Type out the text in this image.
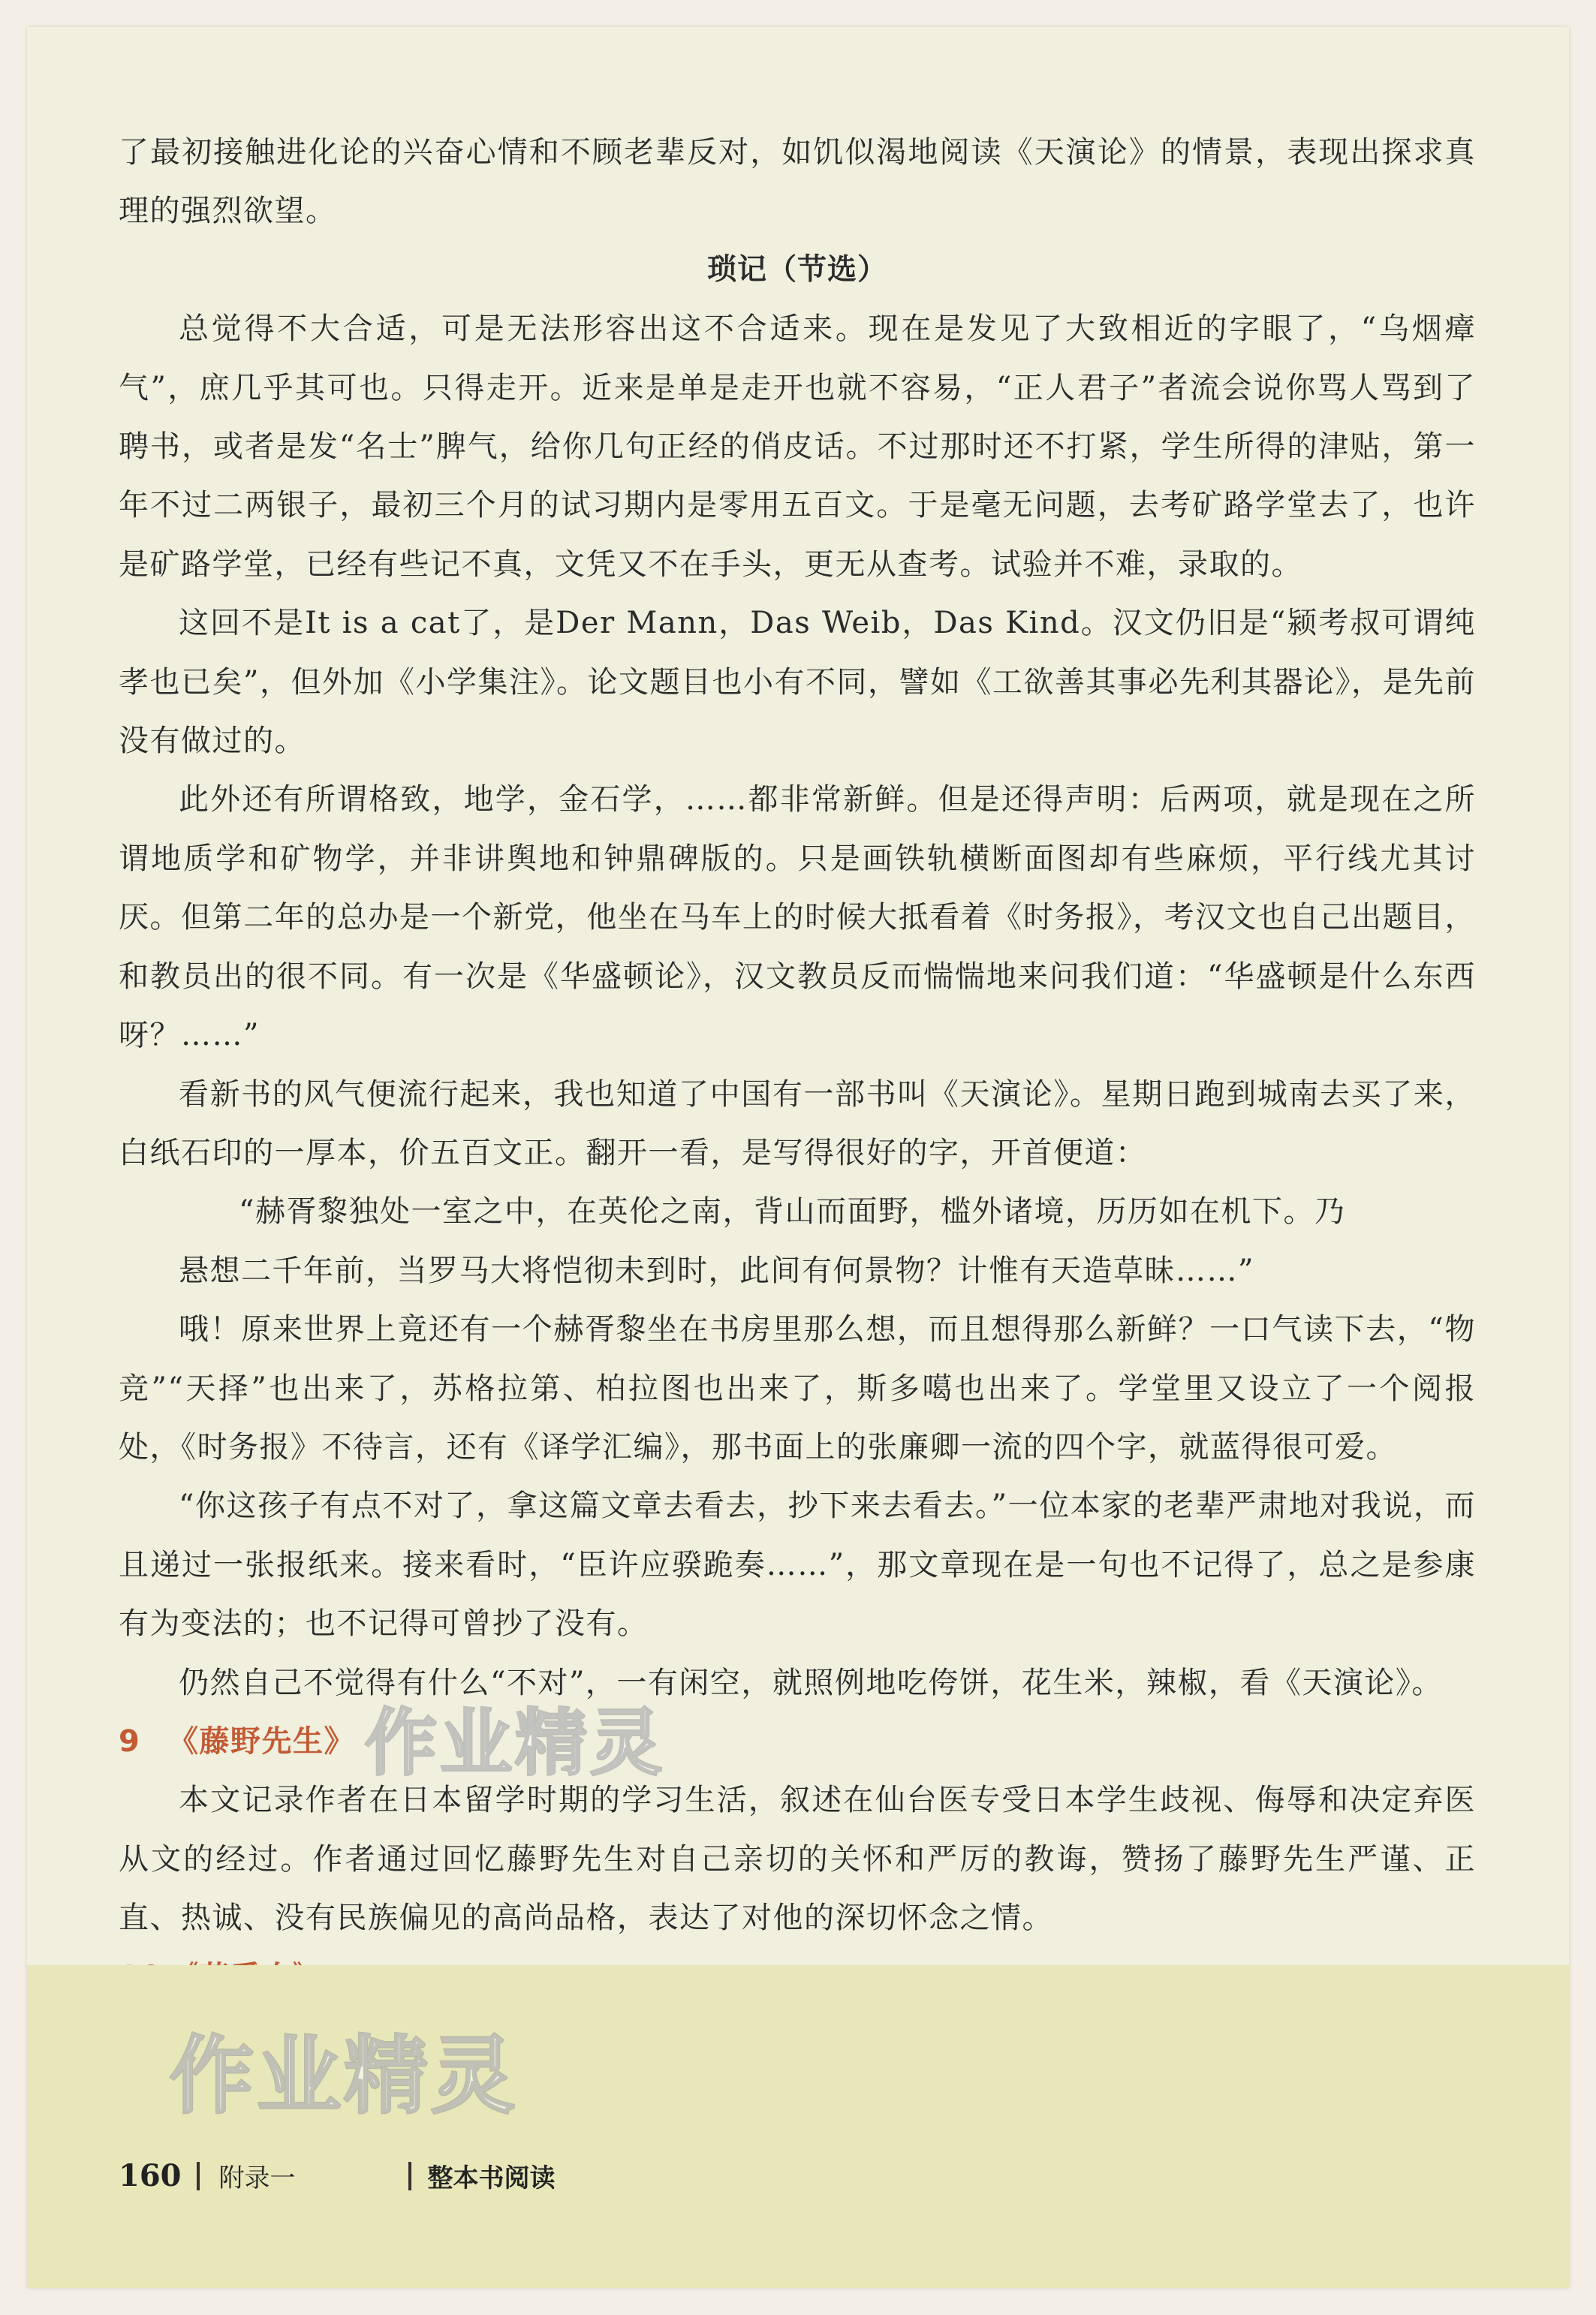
了最初接触进化论的兴奋心情和不顾老辈反对，如饥似渴地阅读《天演论》的情景，表现出探求真理的强烈欲望。

琐记（节选）

总觉得不大合适，可是无法形容出这不合适来。现在是发见了大致相近的字眼了，“乌烟瘴气”，庶几乎其可也。只得走开。近来是单是走开也就不容易，“正人君子”者流会说你骂人骂到了聘书，或者是发“名士”脾气，给你几句正经的俏皮话。不过那时还不打紧，学生所得的津贴，第一年不过二两银子，最初三个月的试习期内是零用五百文。于是毫无问题，去考矿路学堂去了，也许是矿路学堂，已经有些记不真，文凭又不在手头，更无从查考。试验并不难，录取的。

这回不是It is a cat了，是Der Mann，Das Weib，Das Kind。汉文仍旧是“颍考叔可谓纯孝也已矣”，但外加《小学集注》。论文题目也小有不同，譬如《工欲善其事必先利其器论》，是先前没有做过的。

此外还有所谓格致，地学，金石学，……都非常新鲜。但是还得声明：后两项，就是现在之所谓地质学和矿物学，并非讲舆地和钟鼎碑版的。只是画铁轨横断面图却有些麻烦，平行线尤其讨厌。但第二年的总办是一个新党，他坐在马车上的时候大抵看着《时务报》，考汉文也自己出题目，和教员出的很不同。有一次是《华盛顿论》，汉文教员反而惴惴地来问我们道：“华盛顿是什么东西呀？……”

看新书的风气便流行起来，我也知道了中国有一部书叫《天演论》。星期日跑到城南去买了来，白纸石印的一厚本，价五百文正。翻开一看，是写得很好的字，开首便道：

“赫胥黎独处一室之中，在英伦之南，背山而面野，槛外诸境，历历如在机下。乃

悬想二千年前，当罗马大将恺彻未到时，此间有何景物？计惟有天造草昧……”

哦！原来世界上竟还有一个赫胥黎坐在书房里那么想，而且想得那么新鲜？一口气读下去，“物竞”“天择”也出来了，苏格拉第、柏拉图也出来了，斯多噶也出来了。学堂里又设立了一个阅报处，《时务报》不待言，还有《译学汇编》，那书面上的张廉卿一流的四个字，就蓝得很可爱。

“你这孩子有点不对了，拿这篇文章去看去，抄下来去看去。”一位本家的老辈严肃地对我说，而且递过一张报纸来。接来看时，“臣许应骙跪奏……”，那文章现在是一句也不记得了，总之是参康有为变法的；也不记得可曾抄了没有。

仍然自己不觉得有什么“不对”，一有闲空，就照例地吃侉饼，花生米，辣椒，看《天演论》。

9 《藤野先生》

本文记录作者在日本留学时期的学习生活，叙述在仙台医专受日本学生歧视、侮辱和决定弃医从文的经过。作者通过回忆藤野先生对自己亲切的关怀和严厉的教诲，赞扬了藤野先生严谨、正直、热诚、没有民族偏见的高尚品格，表达了对他的深切怀念之情。

160 附录一	整本书阅读
作业精灵
作业精灵
